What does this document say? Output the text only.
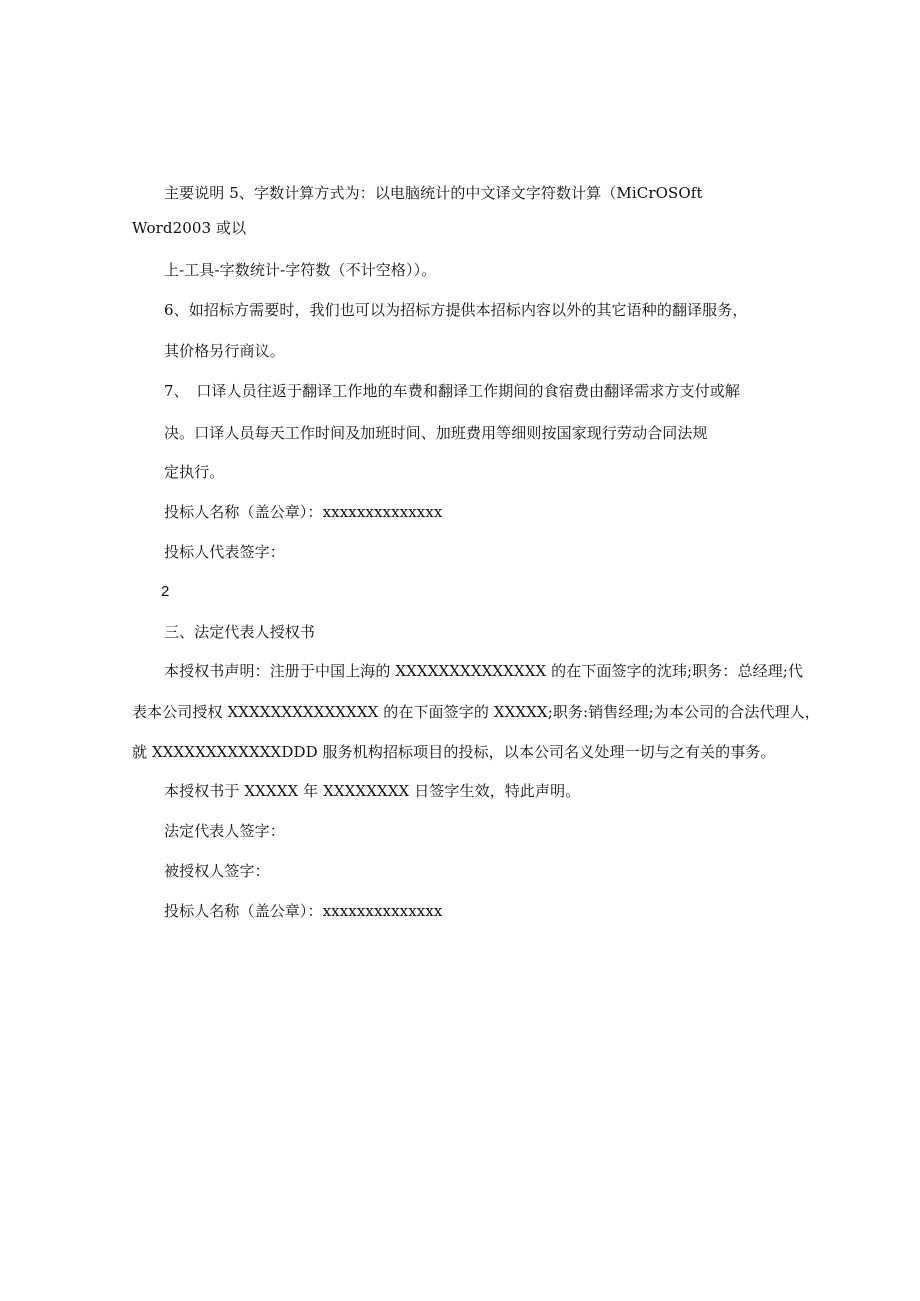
主要说明 5、字数计算方式为：以电脑统计的中文译文字符数计算（MiCrOSOft
Word2003 或以
上-工具-字数统计-字符数（不计空格））。
6、如招标方需要时，我们也可以为招标方提供本招标内容以外的其它语种的翻译服务，
其价格另行商议。
7、　口译人员往返于翻译工作地的车费和翻译工作期间的食宿费由翻译需求方支付或解
决。口译人员每天工作时间及加班时间、加班费用等细则按国家现行劳动合同法规
定执行。
投标人名称（盖公章）：xxxxxxxxxxxxxx
投标人代表签字：
2
三、法定代表人授权书
本授权书声明：注册于中国上海的 XXXXXXXXXXXXXX 的在下面签字的沈玮;职务：总经理;代
表本公司授权 XXXXXXXXXXXXXX 的在下面签字的 XXXXX;职务:销售经理;为本公司的合法代理人，
就 XXXXXXXXXXXXDDD 服务机构招标项目的投标，以本公司名义处理一切与之有关的事务。
本授权书于 XXXXX 年 XXXXXXXX 日签字生效，特此声明。
法定代表人签字：
被授权人签字：
投标人名称（盖公章）：xxxxxxxxxxxxxx
